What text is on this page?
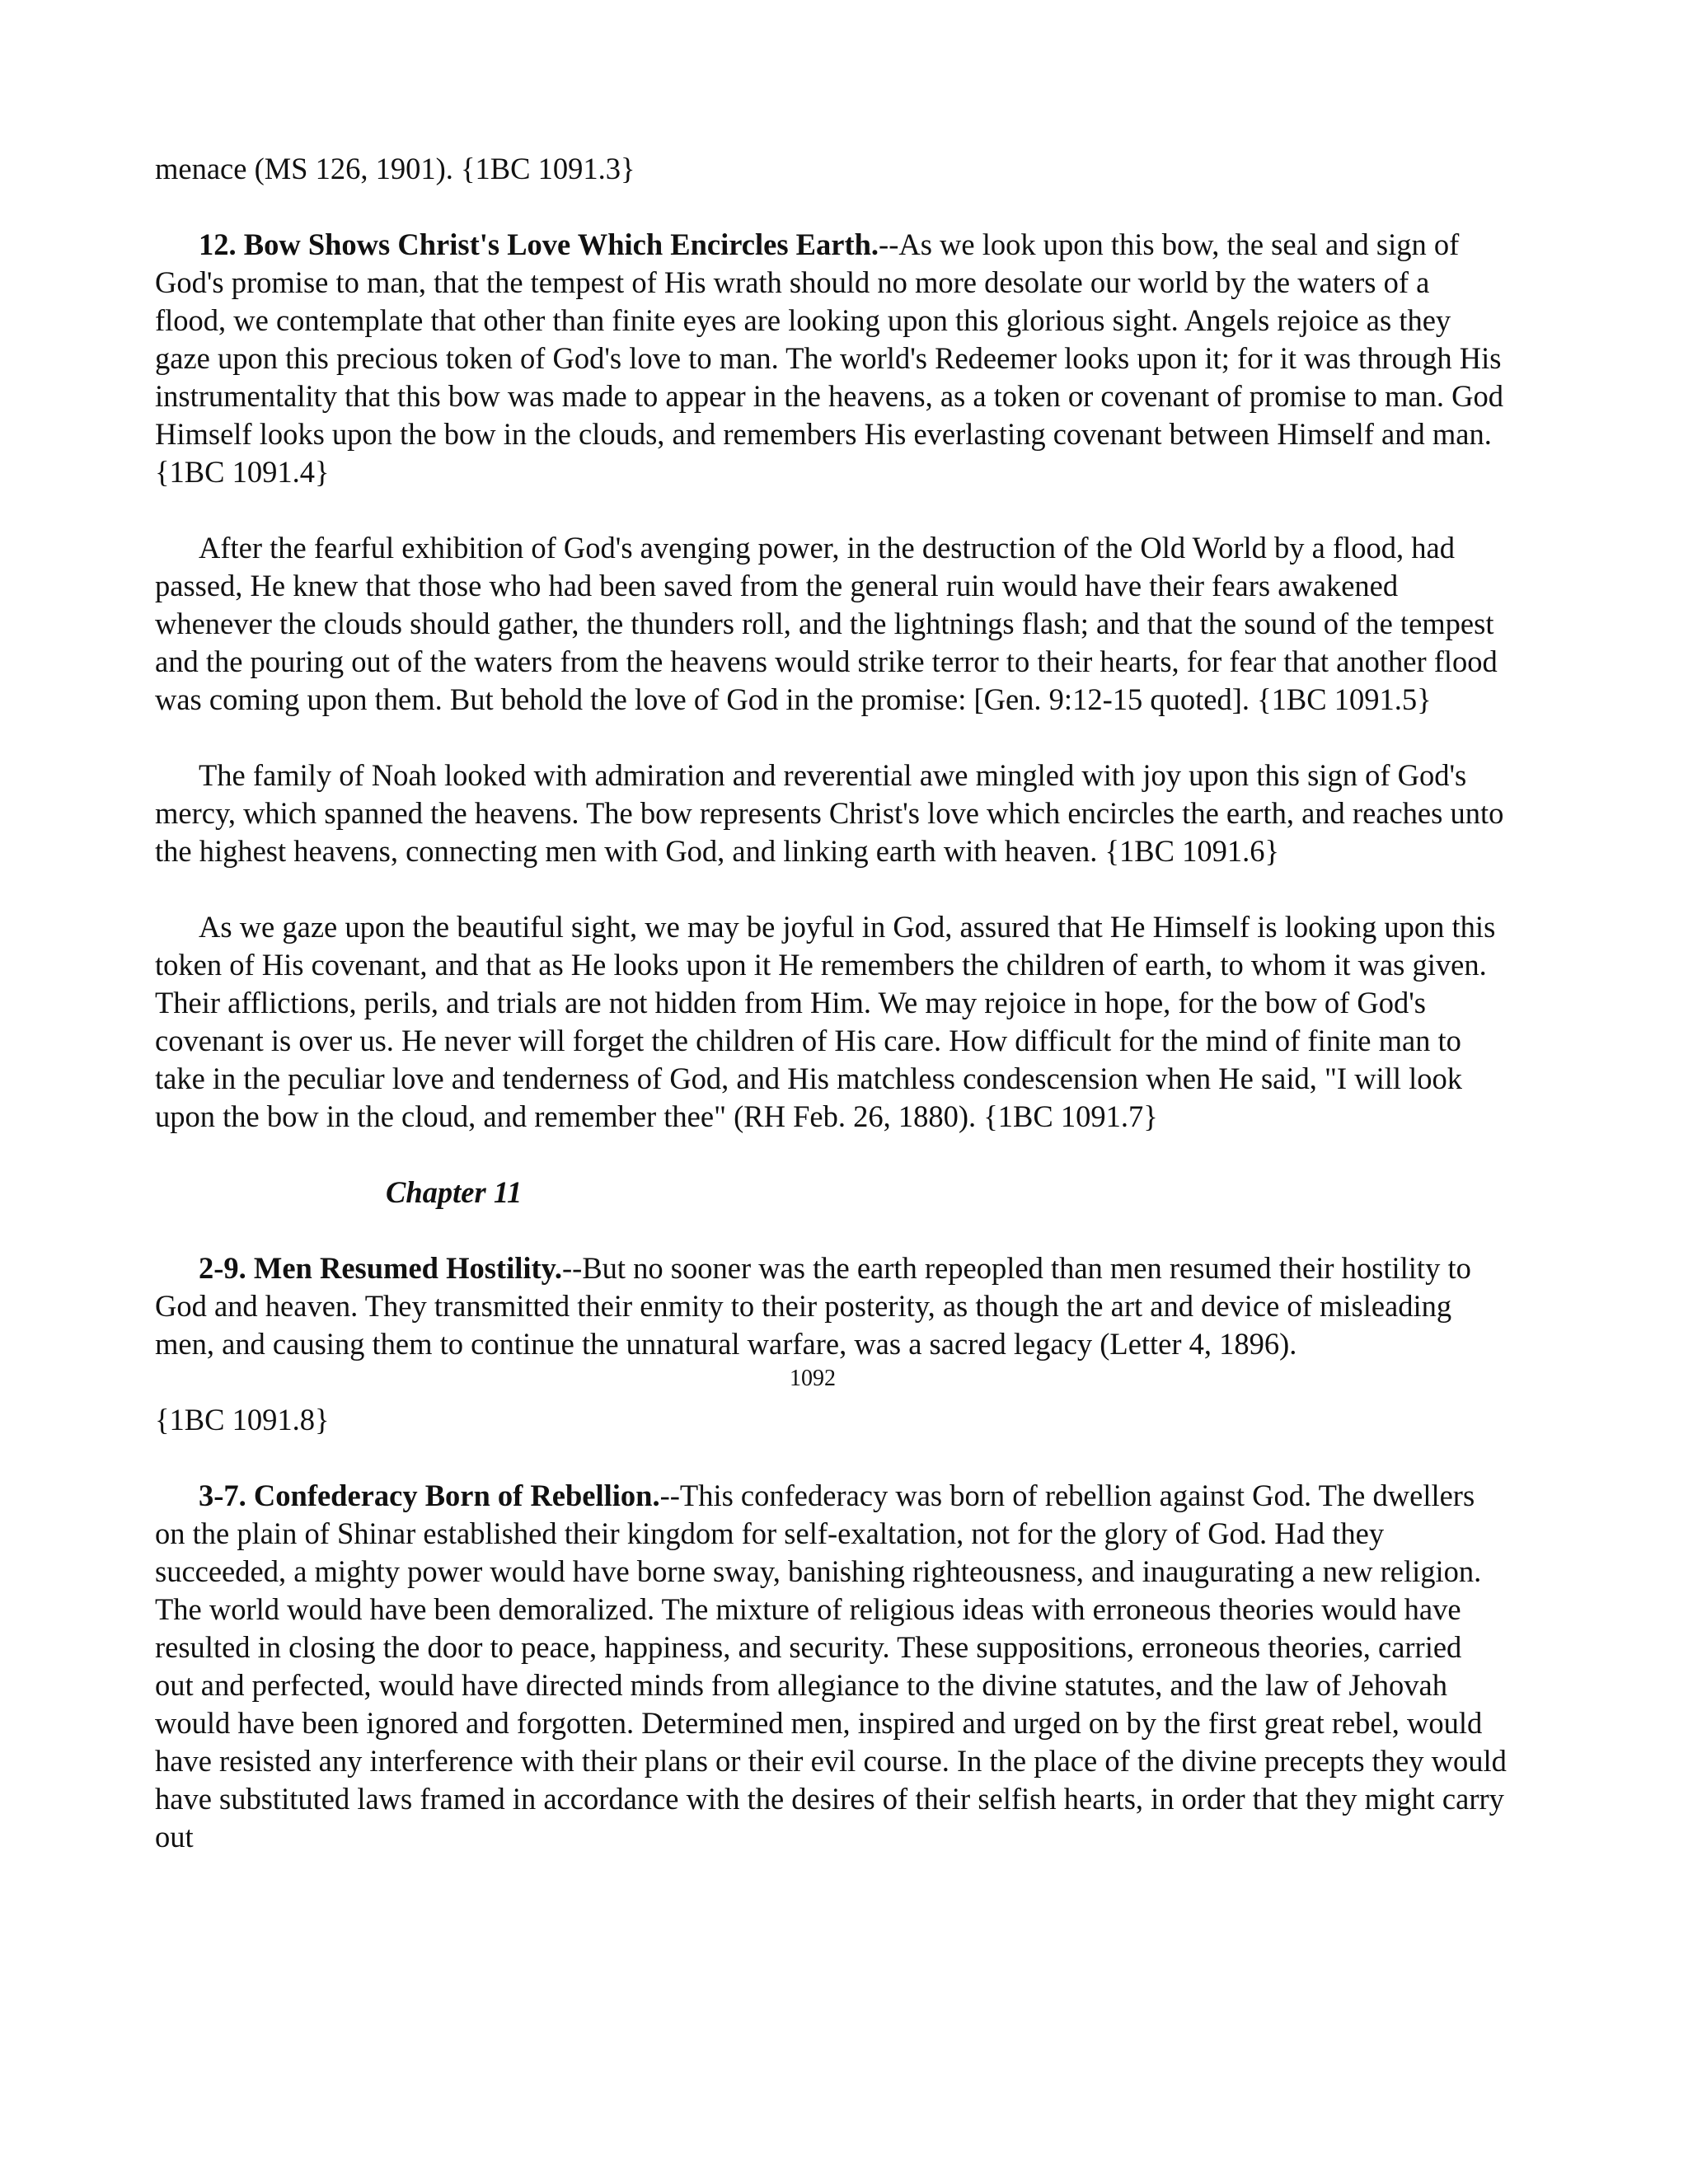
menace (MS 126, 1901). {1BC 1091.3}

12. Bow Shows Christ's Love Which Encircles Earth.--As we look upon this bow, the seal and sign of God's promise to man, that the tempest of His wrath should no more desolate our world by the waters of a flood, we contemplate that other than finite eyes are looking upon this glorious sight. Angels rejoice as they gaze upon this precious token of God's love to man. The world's Redeemer looks upon it; for it was through His instrumentality that this bow was made to appear in the heavens, as a token or covenant of promise to man. God Himself looks upon the bow in the clouds, and remembers His everlasting covenant between Himself and man. {1BC 1091.4}

After the fearful exhibition of God's avenging power, in the destruction of the Old World by a flood, had passed, He knew that those who had been saved from the general ruin would have their fears awakened whenever the clouds should gather, the thunders roll, and the lightnings flash; and that the sound of the tempest and the pouring out of the waters from the heavens would strike terror to their hearts, for fear that another flood was coming upon them. But behold the love of God in the promise: [Gen. 9:12-15 quoted]. {1BC 1091.5}

The family of Noah looked with admiration and reverential awe mingled with joy upon this sign of God's mercy, which spanned the heavens. The bow represents Christ's love which encircles the earth, and reaches unto the highest heavens, connecting men with God, and linking earth with heaven. {1BC 1091.6}

As we gaze upon the beautiful sight, we may be joyful in God, assured that He Himself is looking upon this token of His covenant, and that as He looks upon it He remembers the children of earth, to whom it was given. Their afflictions, perils, and trials are not hidden from Him. We may rejoice in hope, for the bow of God's covenant is over us. He never will forget the children of His care. How difficult for the mind of finite man to take in the peculiar love and tenderness of God, and His matchless condescension when He said, "I will look upon the bow in the cloud, and remember thee" (RH Feb. 26, 1880). {1BC 1091.7}

Chapter 11

2-9. Men Resumed Hostility.--But no sooner was the earth repeopled than men resumed their hostility to God and heaven. They transmitted their enmity to their posterity, as though the art and device of misleading men, and causing them to continue the unnatural warfare, was a sacred legacy (Letter 4, 1896).

1092

{1BC 1091.8}

3-7. Confederacy Born of Rebellion.--This confederacy was born of rebellion against God. The dwellers on the plain of Shinar established their kingdom for self-exaltation, not for the glory of God. Had they succeeded, a mighty power would have borne sway, banishing righteousness, and inaugurating a new religion. The world would have been demoralized. The mixture of religious ideas with erroneous theories would have resulted in closing the door to peace, happiness, and security. These suppositions, erroneous theories, carried out and perfected, would have directed minds from allegiance to the divine statutes, and the law of Jehovah would have been ignored and forgotten. Determined men, inspired and urged on by the first great rebel, would have resisted any interference with their plans or their evil course. In the place of the divine precepts they would have substituted laws framed in accordance with the desires of their selfish hearts, in order that they might carry out
